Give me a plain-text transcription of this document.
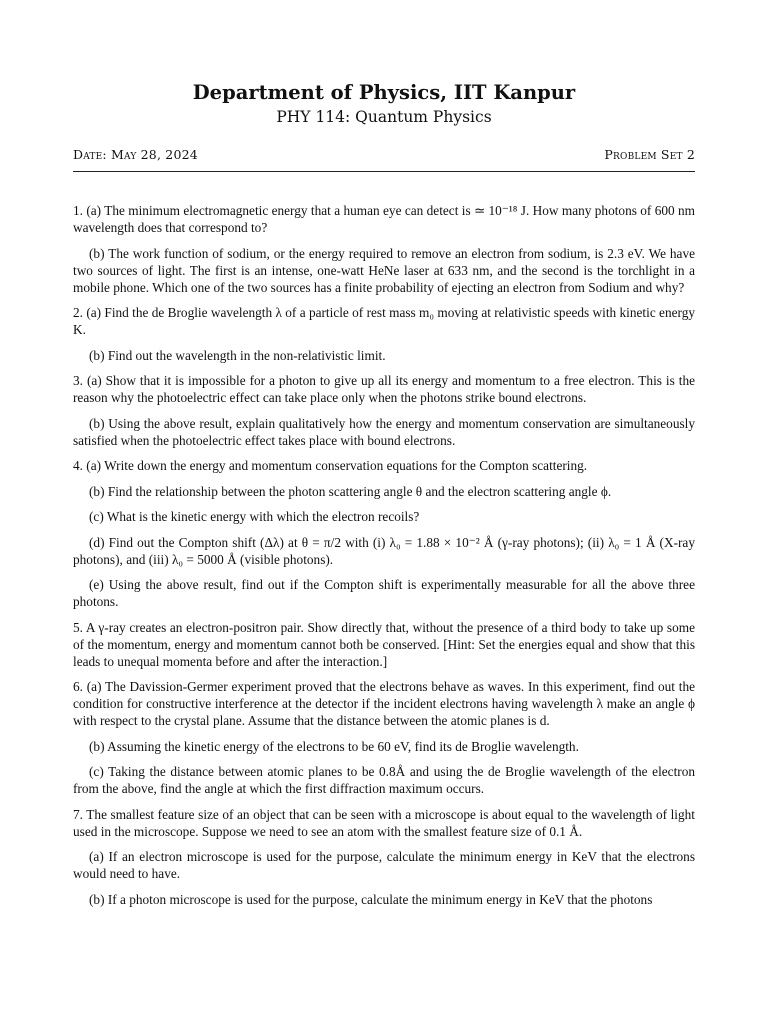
Department of Physics, IIT Kanpur
PHY 114: Quantum Physics
Date: May 28, 2024	Problem Set 2

1. (a) The minimum electromagnetic energy that a human eye can detect is ≃ 10⁻¹⁸ J. How many photons of 600 nm wavelength does that correspond to?

(b) The work function of sodium, or the energy required to remove an electron from sodium, is 2.3 eV. We have two sources of light. The first is an intense, one-watt HeNe laser at 633 nm, and the second is the torchlight in a mobile phone. Which one of the two sources has a finite probability of ejecting an electron from Sodium and why?

2. (a) Find the de Broglie wavelength λ of a particle of rest mass m₀ moving at relativistic speeds with kinetic energy K.

(b) Find out the wavelength in the non-relativistic limit.

3. (a) Show that it is impossible for a photon to give up all its energy and momentum to a free electron. This is the reason why the photoelectric effect can take place only when the photons strike bound electrons.

(b) Using the above result, explain qualitatively how the energy and momentum conservation are simultaneously satisfied when the photoelectric effect takes place with bound electrons.

4. (a) Write down the energy and momentum conservation equations for the Compton scattering.

(b) Find the relationship between the photon scattering angle θ and the electron scattering angle ϕ.

(c) What is the kinetic energy with which the electron recoils?

(d) Find out the Compton shift (Δλ) at θ = π/2 with (i) λ₀ = 1.88 × 10⁻² Å (γ-ray photons); (ii) λ₀ = 1 Å (X-ray photons), and (iii) λ₀ = 5000 Å (visible photons).

(e) Using the above result, find out if the Compton shift is experimentally measurable for all the above three photons.

5. A γ-ray creates an electron-positron pair. Show directly that, without the presence of a third body to take up some of the momentum, energy and momentum cannot both be conserved. [Hint: Set the energies equal and show that this leads to unequal momenta before and after the interaction.]

6. (a) The Davission-Germer experiment proved that the electrons behave as waves. In this experiment, find out the condition for constructive interference at the detector if the incident electrons having wavelength λ make an angle ϕ with respect to the crystal plane. Assume that the distance between the atomic planes is d.

(b) Assuming the kinetic energy of the electrons to be 60 eV, find its de Broglie wavelength.

(c) Taking the distance between atomic planes to be 0.8Å and using the de Broglie wavelength of the electron from the above, find the angle at which the first diffraction maximum occurs.

7. The smallest feature size of an object that can be seen with a microscope is about equal to the wavelength of light used in the microscope. Suppose we need to see an atom with the smallest feature size of 0.1 Å.

(a) If an electron microscope is used for the purpose, calculate the minimum energy in KeV that the electrons would need to have.

(b) If a photon microscope is used for the purpose, calculate the minimum energy in KeV that the photons
